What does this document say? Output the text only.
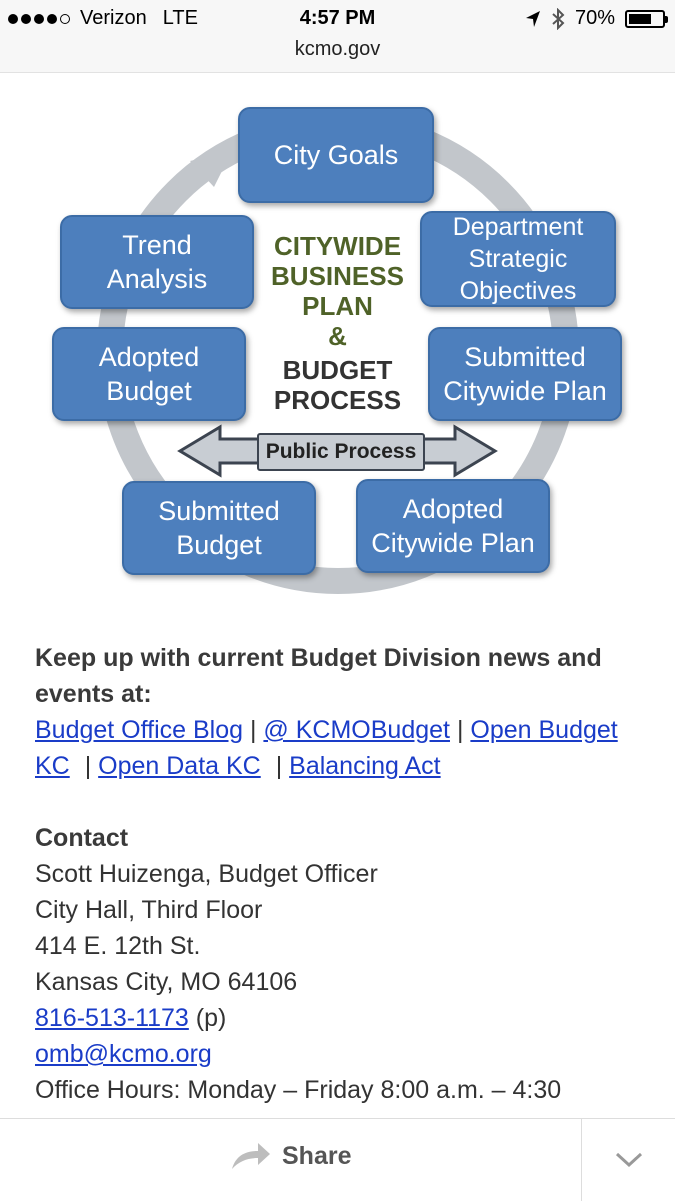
Verizon LTE	4:57 PM	70%
kcmo.gov
City Goals
Department
Strategic
Objectives
Submitted
Citywide Plan
Adopted
Citywide Plan
Submitted
Budget
Adopted
Budget
Trend
Analysis
CITYWIDE
BUSINESS
PLAN
&
BUDGET
PROCESS
Public Process
Keep up with current Budget Division news and events at:
Budget Office Blog | @ KCMOBudget | Open Budget KC | Open Data KC | Balancing Act
Contact
Scott Huizenga, Budget Officer
City Hall, Third Floor
414 E. 12th St.
Kansas City, MO 64106
816-513-1173 (p)
omb@kcmo.org
Office Hours: Monday – Friday 8:00 a.m. – 4:30
Share
